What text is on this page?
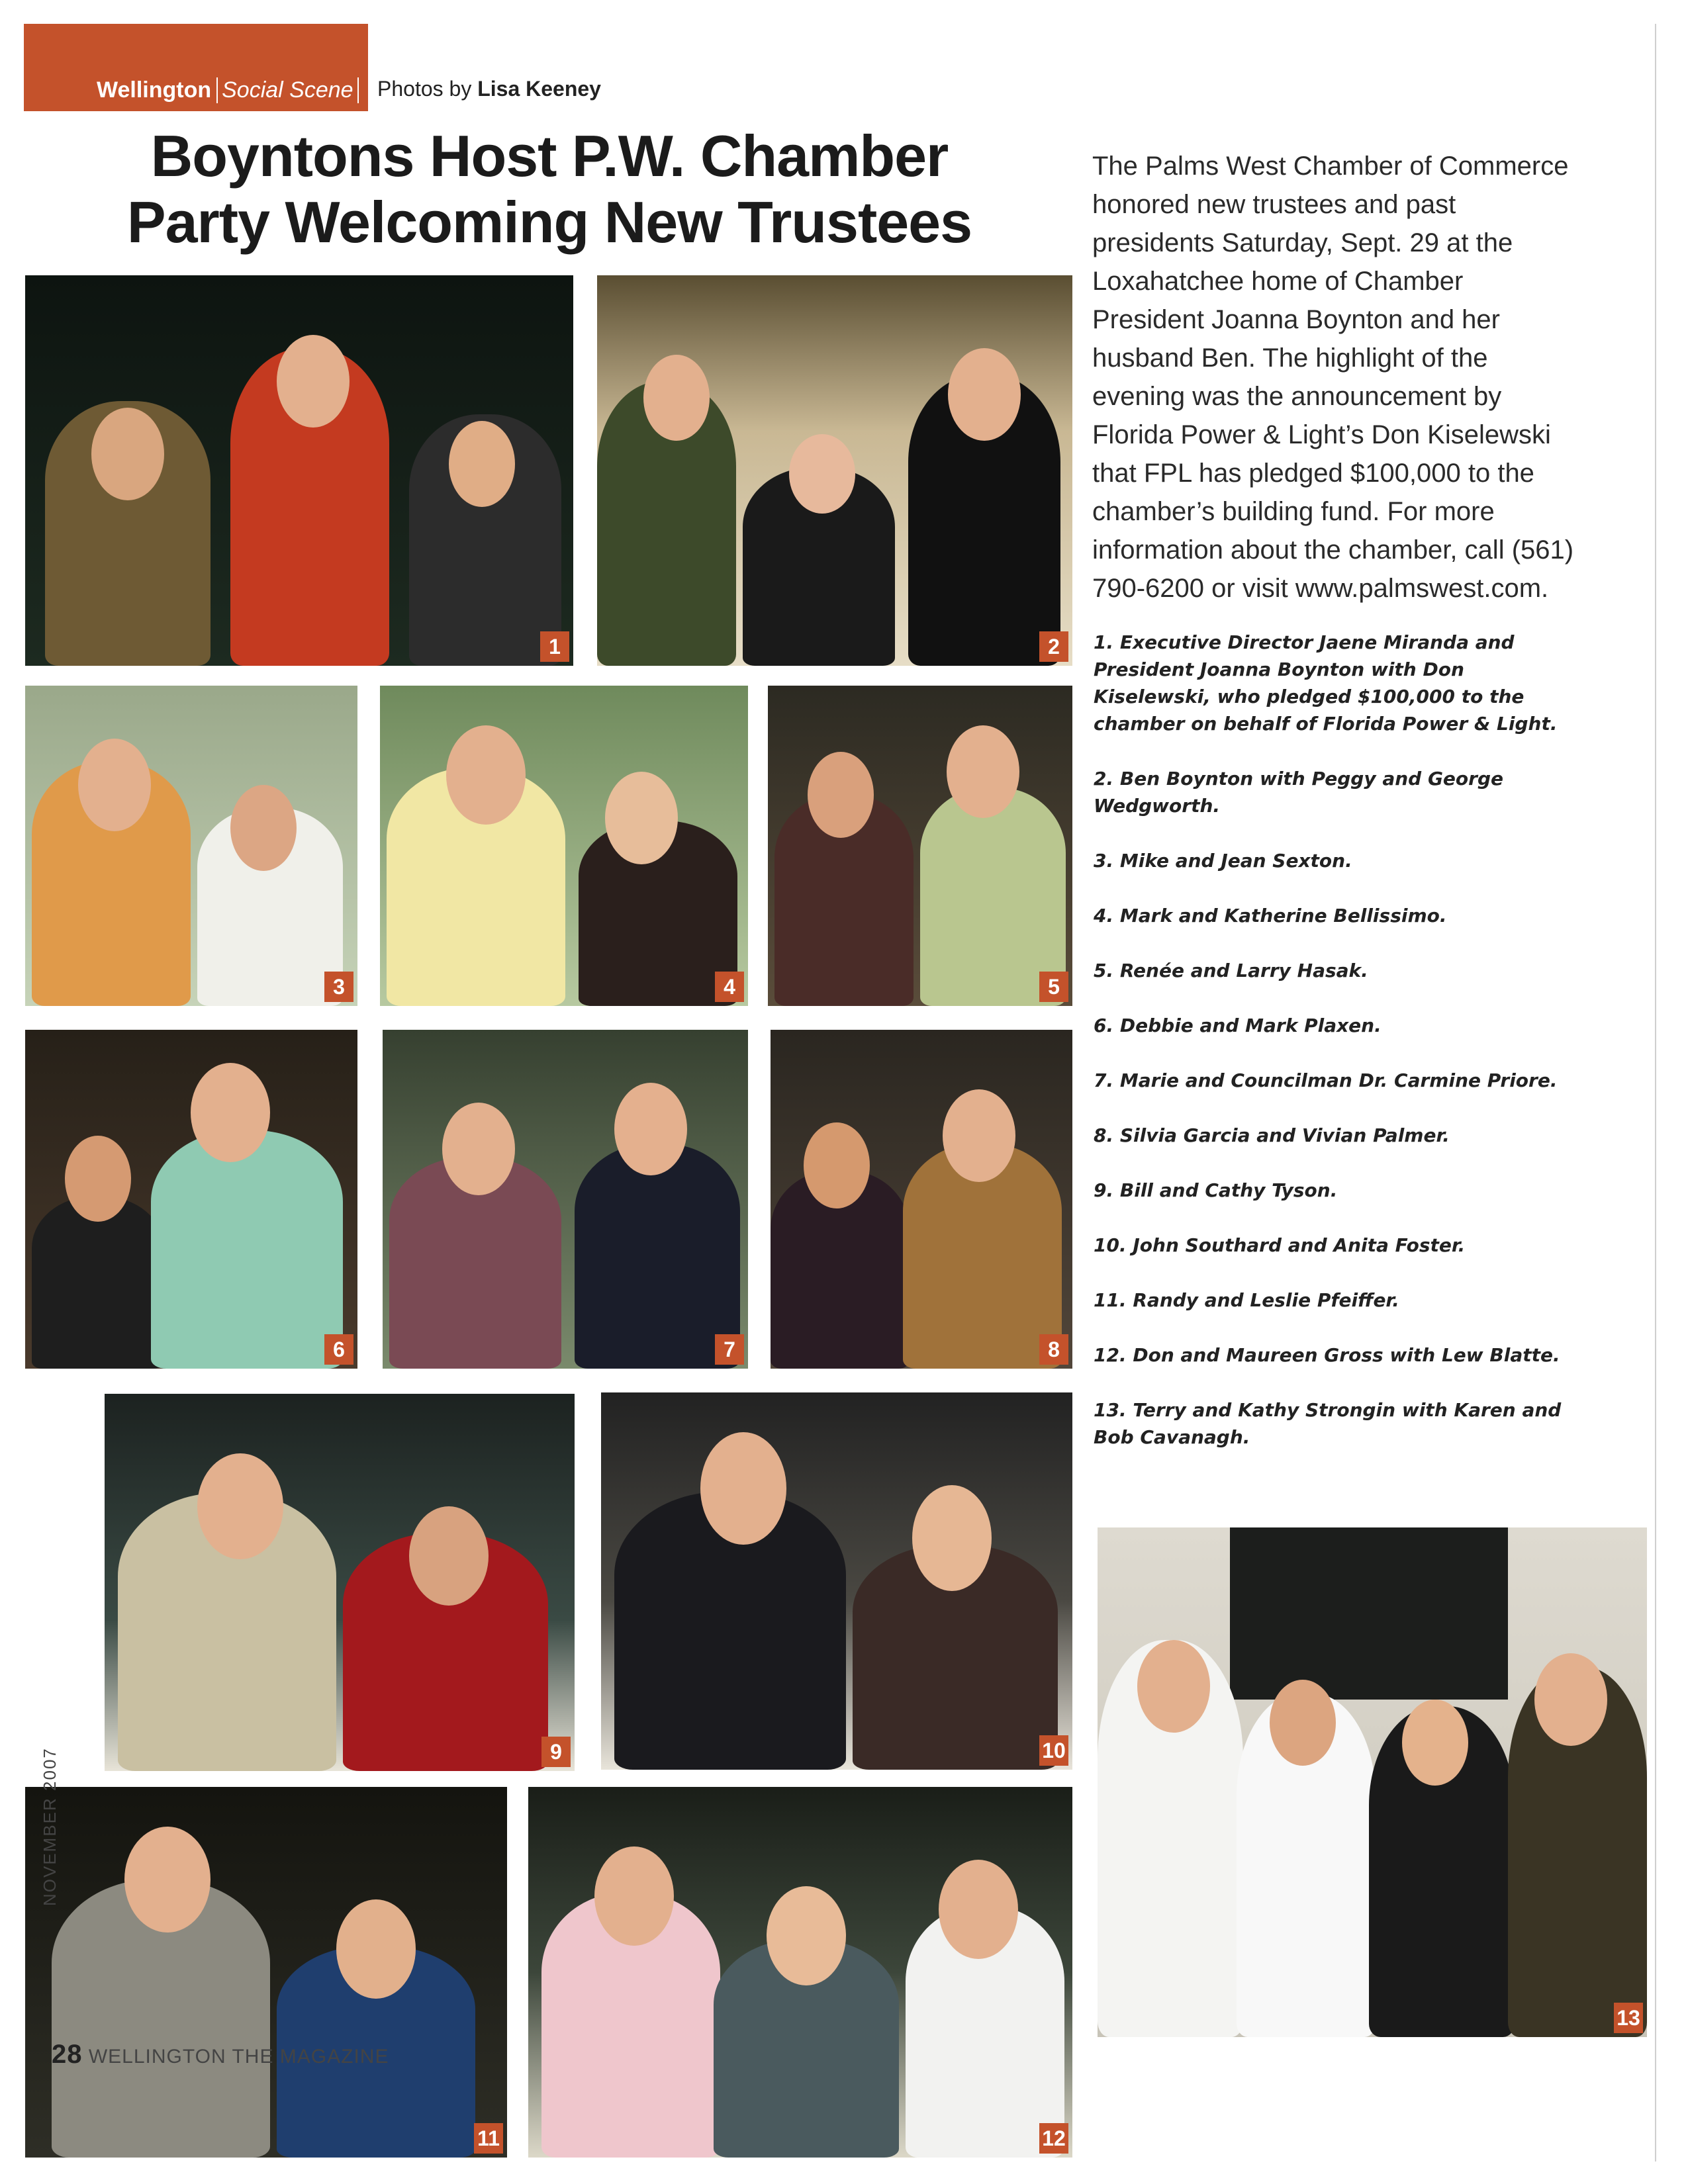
Wellington Social Scene Photos by Lisa Keeney
Boyntons Host P.W. Chamber
Party Welcoming New Trustees
The Palms West Chamber of Commerce honored new trustees and past presidents Saturday, Sept. 29 at the Loxahatchee home of Chamber President Joanna Boynton and her husband Ben. The highlight of the evening was the announcement by Florida Power & Light’s Don Kiselewski that FPL has pledged $100,000 to the chamber’s building fund. For more information about the chamber, call (561) 790-6200 or visit www.palmswest.com.
1. Executive Director Jaene Miranda and President Joanna Boynton with Don Kiselewski, who pledged $100,000 to the chamber on behalf of Florida Power & Light.
2. Ben Boynton with Peggy and George Wedgworth.
3. Mike and Jean Sexton.
4. Mark and Katherine Bellissimo.
5. Renée and Larry Hasak.
6. Debbie and Mark Plaxen.
7. Marie and Councilman Dr. Carmine Priore.
8. Silvia Garcia and Vivian Palmer.
9. Bill and Cathy Tyson.
10. John Southard and Anita Foster.
11. Randy and Leslie Pfeiffer.
12. Don and Maureen Gross with Lew Blatte.
13. Terry and Kathy Strongin with Karen and Bob Cavanagh.
1	2
3	4	5
6	7	8
9	10
11	12
13
NOVEMBER 2007
28 WELLINGTON THE MAGAZINE
